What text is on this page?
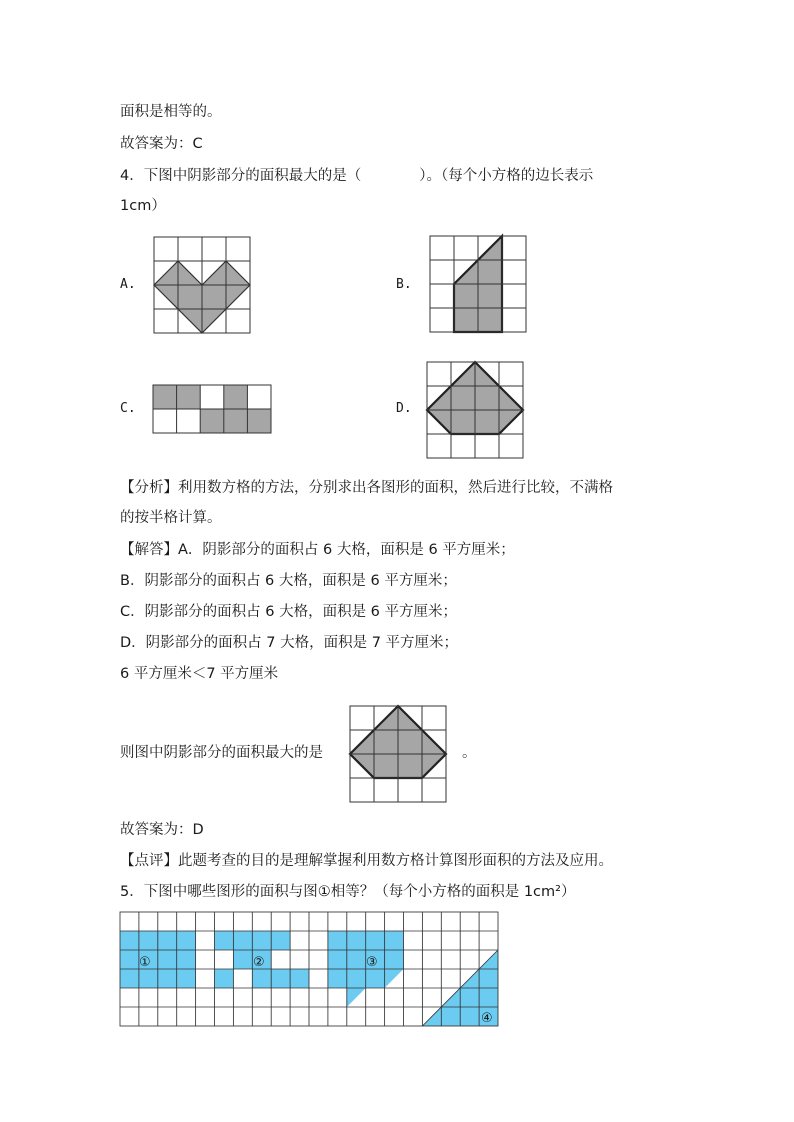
面积是相等的。
故答案为：C
4．下图中阴影部分的面积最大的是（　　　　）。（每个小方格的边长表示
1cm）
A.	B.
C.	D.
【分析】利用数方格的方法，分别求出各图形的面积，然后进行比较，不满格
的按半格计算。
【解答】A．阴影部分的面积占 6 大格，面积是 6 平方厘米；
B．阴影部分的面积占 6 大格，面积是 6 平方厘米；
C．阴影部分的面积占 6 大格，面积是 6 平方厘米；
D．阴影部分的面积占 7 大格，面积是 7 平方厘米；
6 平方厘米＜7 平方厘米
则图中阴影部分的面积最大的是	。
故答案为：D
【点评】此题考查的目的是理解掌握利用数方格计算图形面积的方法及应用。
5．下图中哪些图形的面积与图①相等？（每个小方格的面积是 1cm²）
①	②	③
④
